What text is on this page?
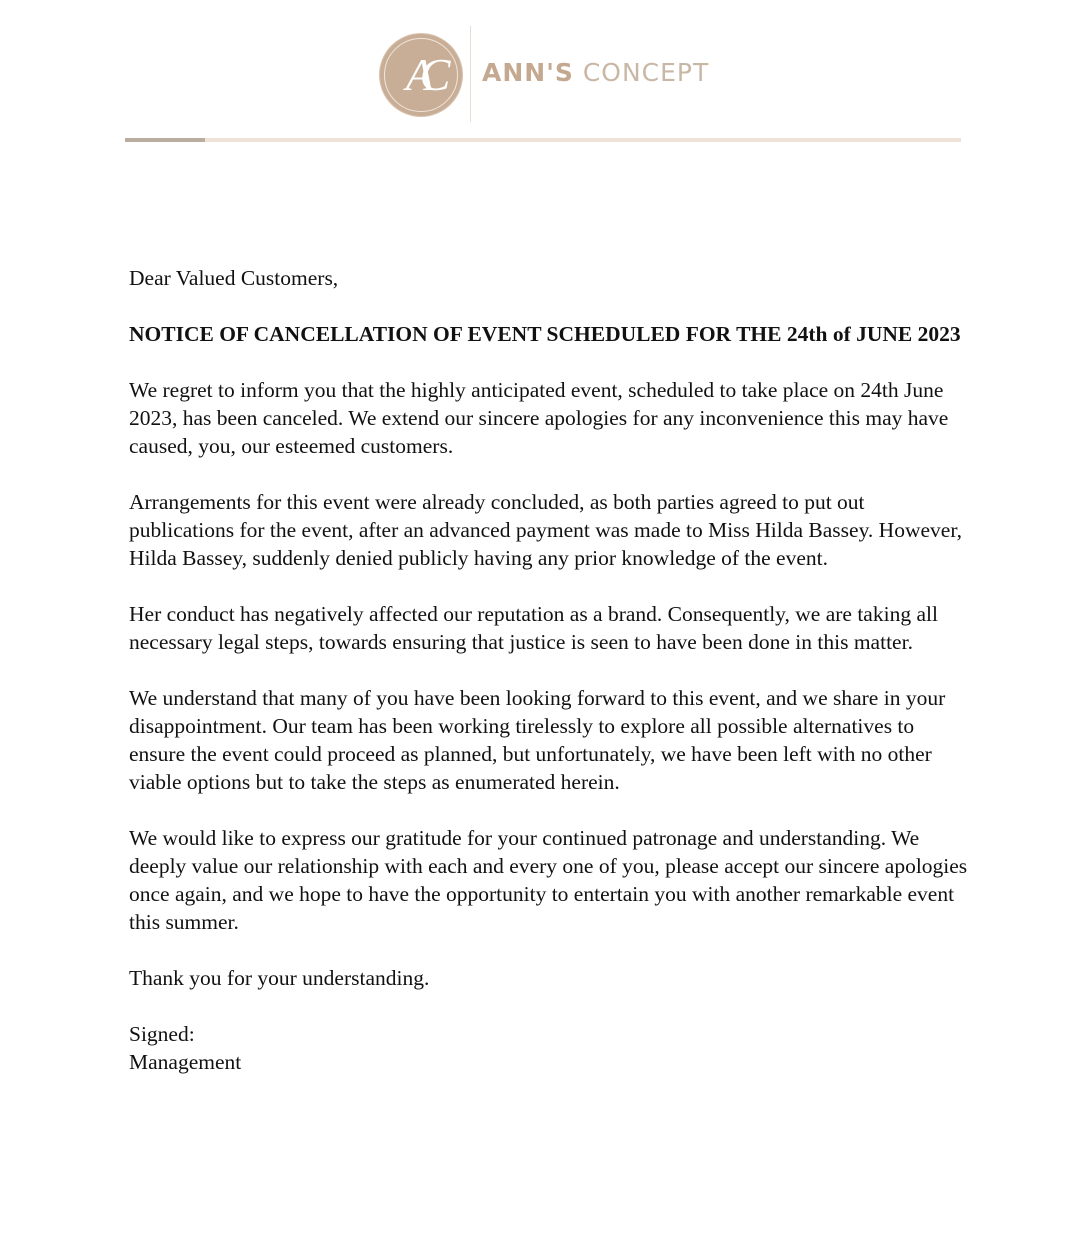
AC	ANN'S CONCEPT

Dear Valued Customers,

NOTICE OF CANCELLATION OF EVENT SCHEDULED FOR THE 24th of JUNE 2023

We regret to inform you that the highly anticipated event, scheduled to take place on 24th June 2023, has been canceled. We extend our sincere apologies for any inconvenience this may have caused, you, our esteemed customers.

Arrangements for this event were already concluded, as both parties agreed to put out publications for the event, after an advanced payment was made to Miss Hilda Bassey. However, Hilda Bassey, suddenly denied publicly having any prior knowledge of the event.

Her conduct has negatively affected our reputation as a brand. Consequently, we are taking all necessary legal steps, towards ensuring that justice is seen to have been done in this matter.

We understand that many of you have been looking forward to this event, and we share in your disappointment. Our team has been working tirelessly to explore all possible alternatives to ensure the event could proceed as planned, but unfortunately, we have been left with no other viable options but to take the steps as enumerated herein.

We would like to express our gratitude for your continued patronage and understanding. We deeply value our relationship with each and every one of you, please accept our sincere apologies once again, and we hope to have the opportunity to entertain you with another remarkable event this summer.

Thank you for your understanding.

Signed:

Management
